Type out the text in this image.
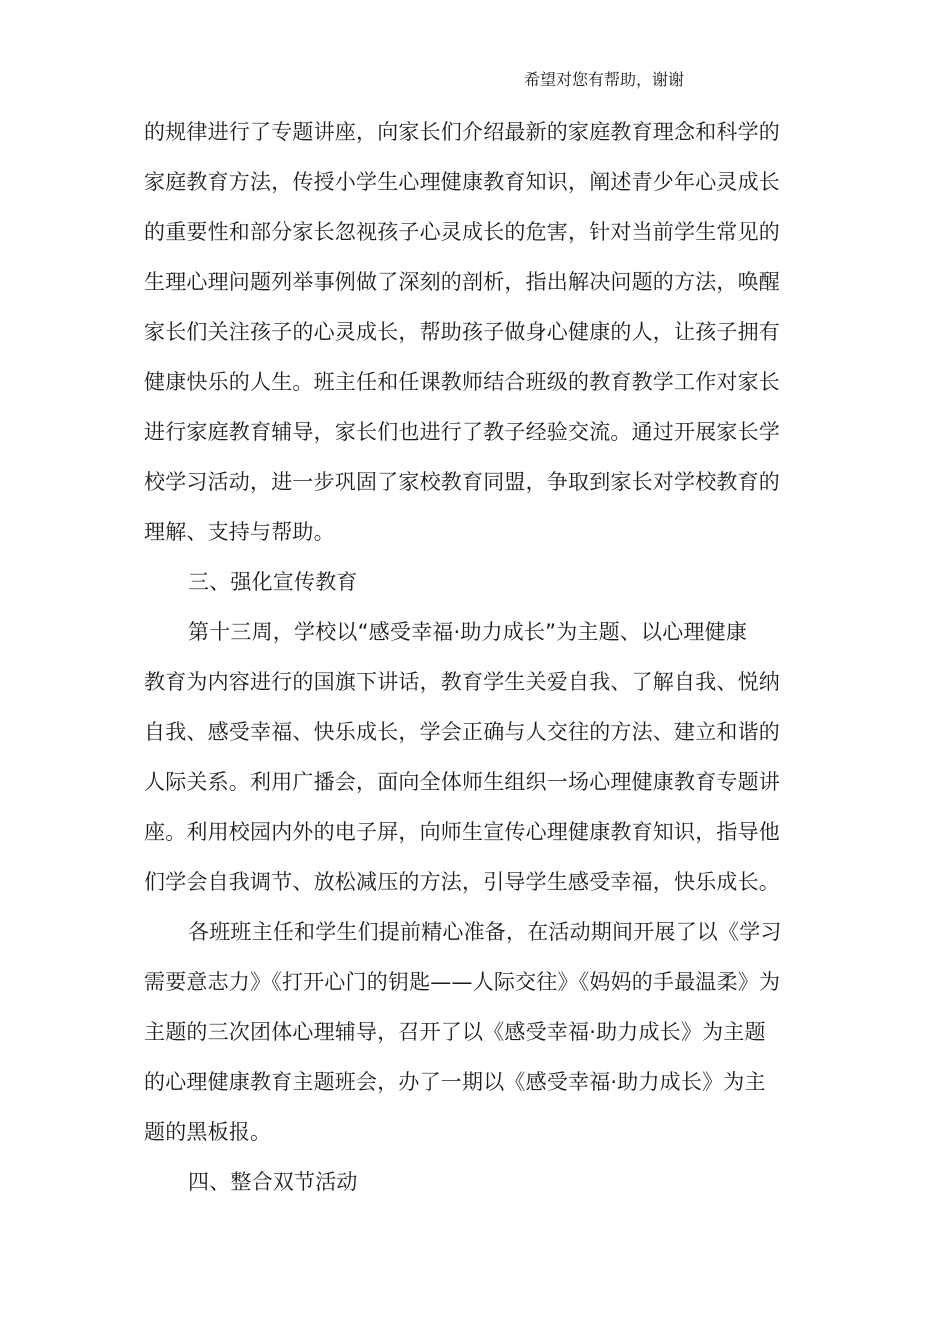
希望对您有帮助，谢谢
的规律进行了专题讲座，向家长们介绍最新的家庭教育理念和科学的
家庭教育方法，传授小学生心理健康教育知识，阐述青少年心灵成长
的重要性和部分家长忽视孩子心灵成长的危害，针对当前学生常见的
生理心理问题列举事例做了深刻的剖析，指出解决问题的方法，唤醒
家长们关注孩子的心灵成长，帮助孩子做身心健康的人，让孩子拥有
健康快乐的人生。班主任和任课教师结合班级的教育教学工作对家长
进行家庭教育辅导，家长们也进行了教子经验交流。通过开展家长学
校学习活动，进一步巩固了家校教育同盟，争取到家长对学校教育的
理解、支持与帮助。
三、强化宣传教育
第十三周，学校以“感受幸福·助力成长”为主题、以心理健康
教育为内容进行的国旗下讲话，教育学生关爱自我、了解自我、悦纳
自我、感受幸福、快乐成长，学会正确与人交往的方法、建立和谐的
人际关系。利用广播会，面向全体师生组织一场心理健康教育专题讲
座。利用校园内外的电子屏，向师生宣传心理健康教育知识，指导他
们学会自我调节、放松减压的方法，引导学生感受幸福，快乐成长。
各班班主任和学生们提前精心准备，在活动期间开展了以《学习
需要意志力》《打开心门的钥匙——人际交往》《妈妈的手最温柔》为
主题的三次团体心理辅导，召开了以《感受幸福·助力成长》为主题
的心理健康教育主题班会，办了一期以《感受幸福·助力成长》为主
题的黑板报。
四、整合双节活动
